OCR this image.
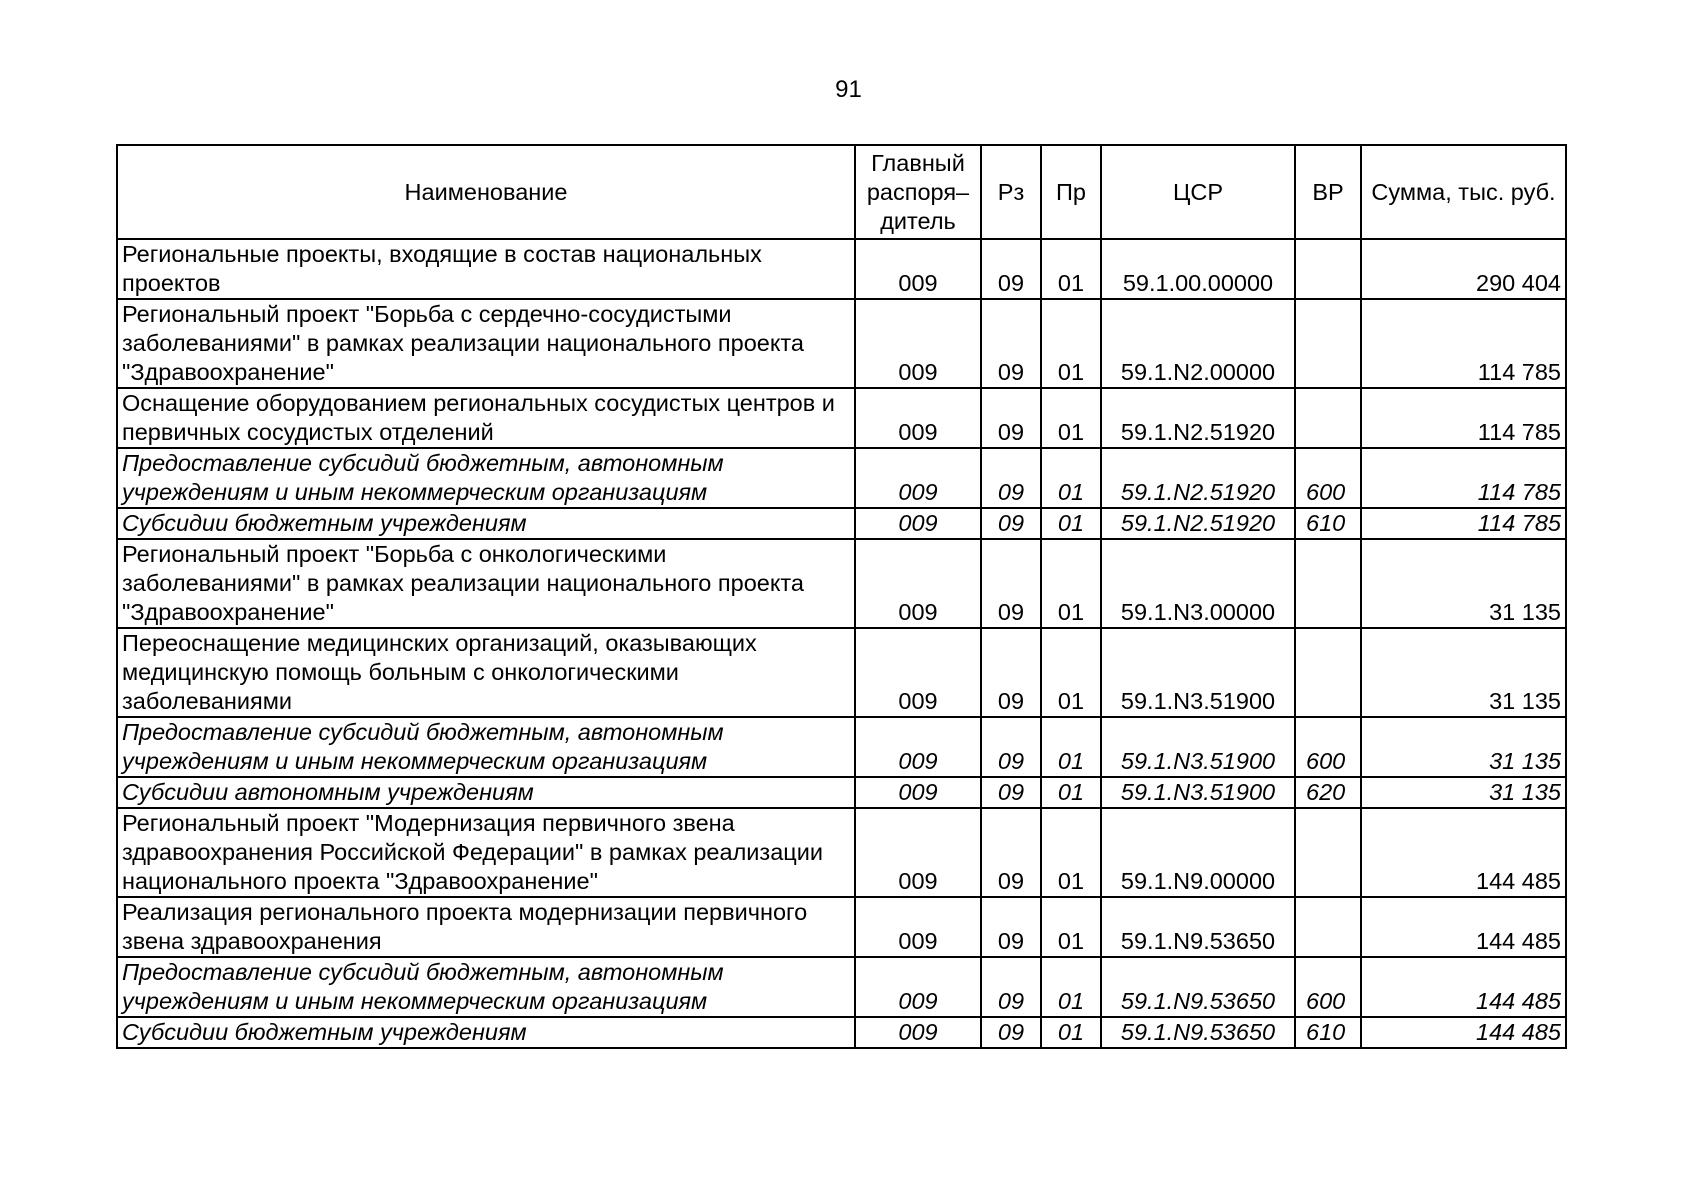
91
Наименование	Главный распоря–дитель	Рз	Пр	ЦСР	ВР	Сумма, тыс. руб.
Региональные проекты, входящие в состав национальных проектов	009	09	01	59.1.00.00000		290 404
Региональный проект "Борьба с сердечно-сосудистыми заболеваниями" в рамках реализации национального проекта "Здравоохранение"	009	09	01	59.1.N2.00000		114 785
Оснащение оборудованием региональных сосудистых центров и первичных сосудистых отделений	009	09	01	59.1.N2.51920		114 785
Предоставление субсидий бюджетным, автономным учреждениям и иным некоммерческим организациям	009	09	01	59.1.N2.51920	600	114 785
Субсидии бюджетным учреждениям	009	09	01	59.1.N2.51920	610	114 785
Региональный проект "Борьба с онкологическими заболеваниями" в рамках реализации национального проекта "Здравоохранение"	009	09	01	59.1.N3.00000		31 135
Переоснащение медицинских организаций, оказывающих медицинскую помощь больным с онкологическими заболеваниями	009	09	01	59.1.N3.51900		31 135
Предоставление субсидий бюджетным, автономным учреждениям и иным некоммерческим организациям	009	09	01	59.1.N3.51900	600	31 135
Субсидии автономным учреждениям	009	09	01	59.1.N3.51900	620	31 135
Региональный проект "Модернизация первичного звена здравоохранения Российской Федерации" в рамках реализации национального проекта "Здравоохранение"	009	09	01	59.1.N9.00000		144 485
Реализация регионального проекта модернизации первичного звена здравоохранения	009	09	01	59.1.N9.53650		144 485
Предоставление субсидий бюджетным, автономным учреждениям и иным некоммерческим организациям	009	09	01	59.1.N9.53650	600	144 485
Субсидии бюджетным учреждениям	009	09	01	59.1.N9.53650	610	144 485
